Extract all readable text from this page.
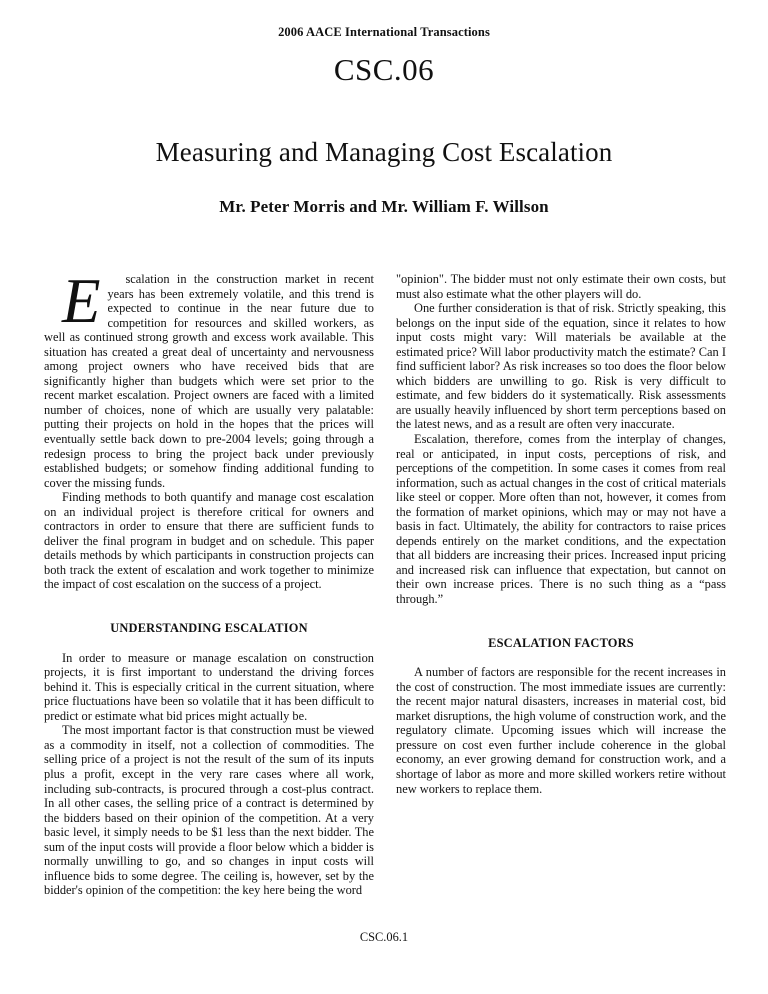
2006 AACE International Transactions
CSC.06
Measuring and Managing Cost Escalation
Mr. Peter Morris and Mr. William F. Willson

E	scalation in the construction market in recent years has been extremely volatile, and this trend is expected to continue in the near future due to competition for resources and skilled workers, as well as continued strong growth and excess work available. This situation has created a great deal of uncertainty and nervousness among project owners who have received bids that are significantly higher than budgets which were set prior to the recent market escalation. Project owners are faced with a limited number of choices, none of which are usually very palatable: putting their projects on hold in the hopes that the prices will eventually settle back down to pre-2004 levels; going through a redesign process to bring the project back under previously established budgets; or somehow finding additional funding to cover the missing funds.

Finding methods to both quantify and manage cost escalation on an individual project is therefore critical for owners and contractors in order to ensure that there are sufficient funds to deliver the final program in budget and on schedule. This paper details methods by which participants in construction projects can both track the extent of escalation and work together to minimize the impact of cost escalation on the success of a project.

UNDERSTANDING ESCALATION

In order to measure or manage escalation on construction projects, it is first important to understand the driving forces behind it. This is especially critical in the current situation, where price fluctuations have been so volatile that it has been difficult to predict or estimate what bid prices might actually be.

The most important factor is that construction must be viewed as a commodity in itself, not a collection of commodities. The selling price of a project is not the result of the sum of its inputs plus a profit, except in the very rare cases where all work, including sub-contracts, is procured through a cost-plus contract. In all other cases, the selling price of a contract is determined by the bidders based on their opinion of the competition. At a very basic level, it simply needs to be $1 less than the next bidder. The sum of the input costs will provide a floor below which a bidder is normally unwilling to go, and so changes in input costs will influence bids to some degree. The ceiling is, however, set by the bidder's opinion of the competition: the key here being the word

"opinion". The bidder must not only estimate their own costs, but must also estimate what the other players will do.

One further consideration is that of risk. Strictly speaking, this belongs on the input side of the equation, since it relates to how input costs might vary: Will materials be available at the estimated price? Will labor productivity match the estimate? Can I find sufficient labor? As risk increases so too does the floor below which bidders are unwilling to go. Risk is very difficult to estimate, and few bidders do it systematically. Risk assessments are usually heavily influenced by short term perceptions based on the latest news, and as a result are often very inaccurate.

Escalation, therefore, comes from the interplay of changes, real or anticipated, in input costs, perceptions of risk, and perceptions of the competition. In some cases it comes from real information, such as actual changes in the cost of critical materials like steel or copper. More often than not, however, it comes from the formation of market opinions, which may or may not have a basis in fact. Ultimately, the ability for contractors to raise prices depends entirely on the market conditions, and the expectation that all bidders are increasing their prices. Increased input pricing and increased risk can influence that expectation, but cannot on their own increase prices. There is no such thing as a “pass through.”

ESCALATION FACTORS

A number of factors are responsible for the recent increases in the cost of construction. The most immediate issues are currently: the recent major natural disasters, increases in material cost, bid market disruptions, the high volume of construction work, and the regulatory climate. Upcoming issues which will increase the pressure on cost even further include coherence in the global economy, an ever growing demand for construction work, and a shortage of labor as more and more skilled workers retire without new workers to replace them.

CSC.06.1
